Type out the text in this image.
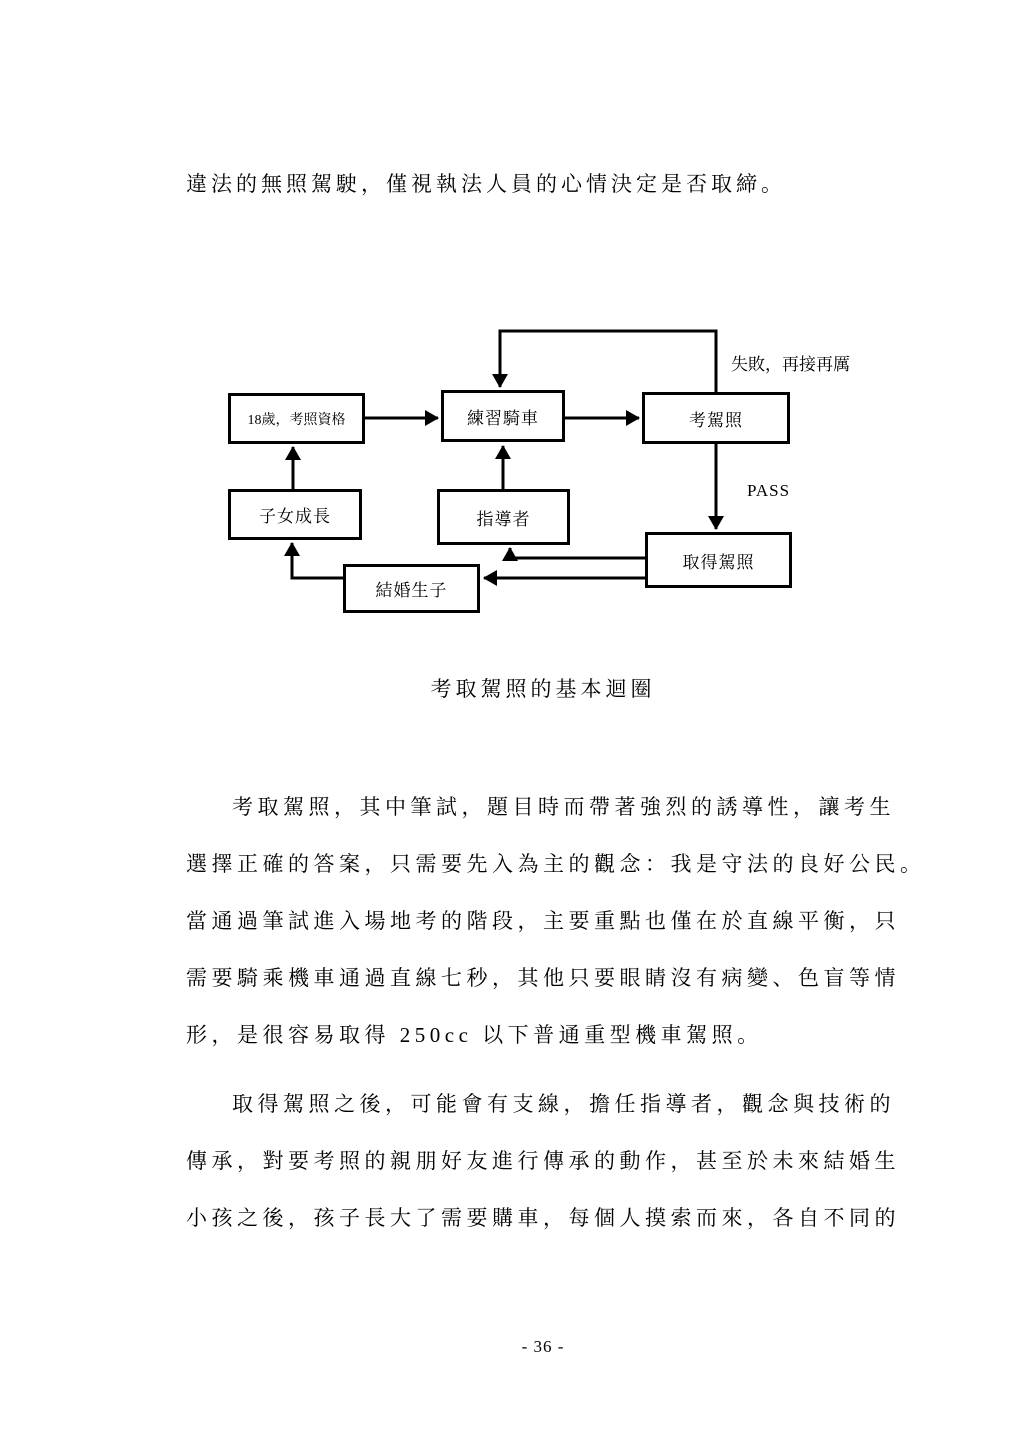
違法的無照駕駛，僅視執法人員的心情決定是否取締。

18歲，考照資格	練習騎車	考駕照
子女成長	指導者
取得駕照
結婚生子
失敗，再接再厲
PASS
考取駕照的基本迴圈
考取駕照，其中筆試，題目時而帶著強烈的誘導性，讓考生
選擇正確的答案，只需要先入為主的觀念：我是守法的良好公民。
當通過筆試進入場地考的階段，主要重點也僅在於直線平衡，只
需要騎乘機車通過直線七秒，其他只要眼睛沒有病變、色盲等情
形，是很容易取得 250cc 以下普通重型機車駕照。
取得駕照之後，可能會有支線，擔任指導者，觀念與技術的
傳承，對要考照的親朋好友進行傳承的動作，甚至於未來結婚生
小孩之後，孩子長大了需要購車，每個人摸索而來，各自不同的
- 36 -
